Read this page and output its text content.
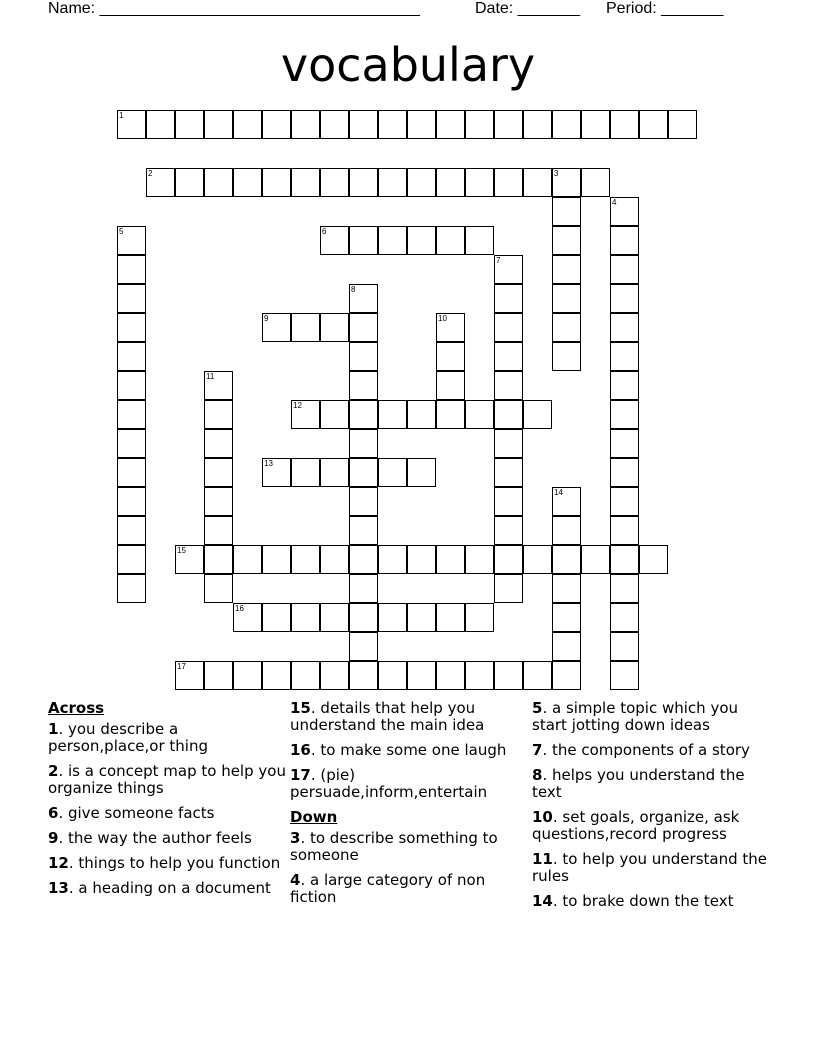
Name: ____________________________________	Date: _______ Period: _______
vocabulary
1
2	3
4
5	6
7
8
9	10
11
12
13
14
15
16
17
Across
1. you describe a person,place,or thing
2. is a concept map to help you organize things
6. give someone facts
9. the way the author feels
12. things to help you function
13. a heading on a document
15. details that help you understand the main idea
16. to make some one laugh
17. (pie) persuade,inform,entertain
Down
3. to describe something to someone
4. a large category of non fiction
5. a simple topic which you start jotting down ideas
7. the components of a story
8. helps you understand the text
10. set goals, organize, ask questions,record progress
11. to help you understand the rules
14. to brake down the text
